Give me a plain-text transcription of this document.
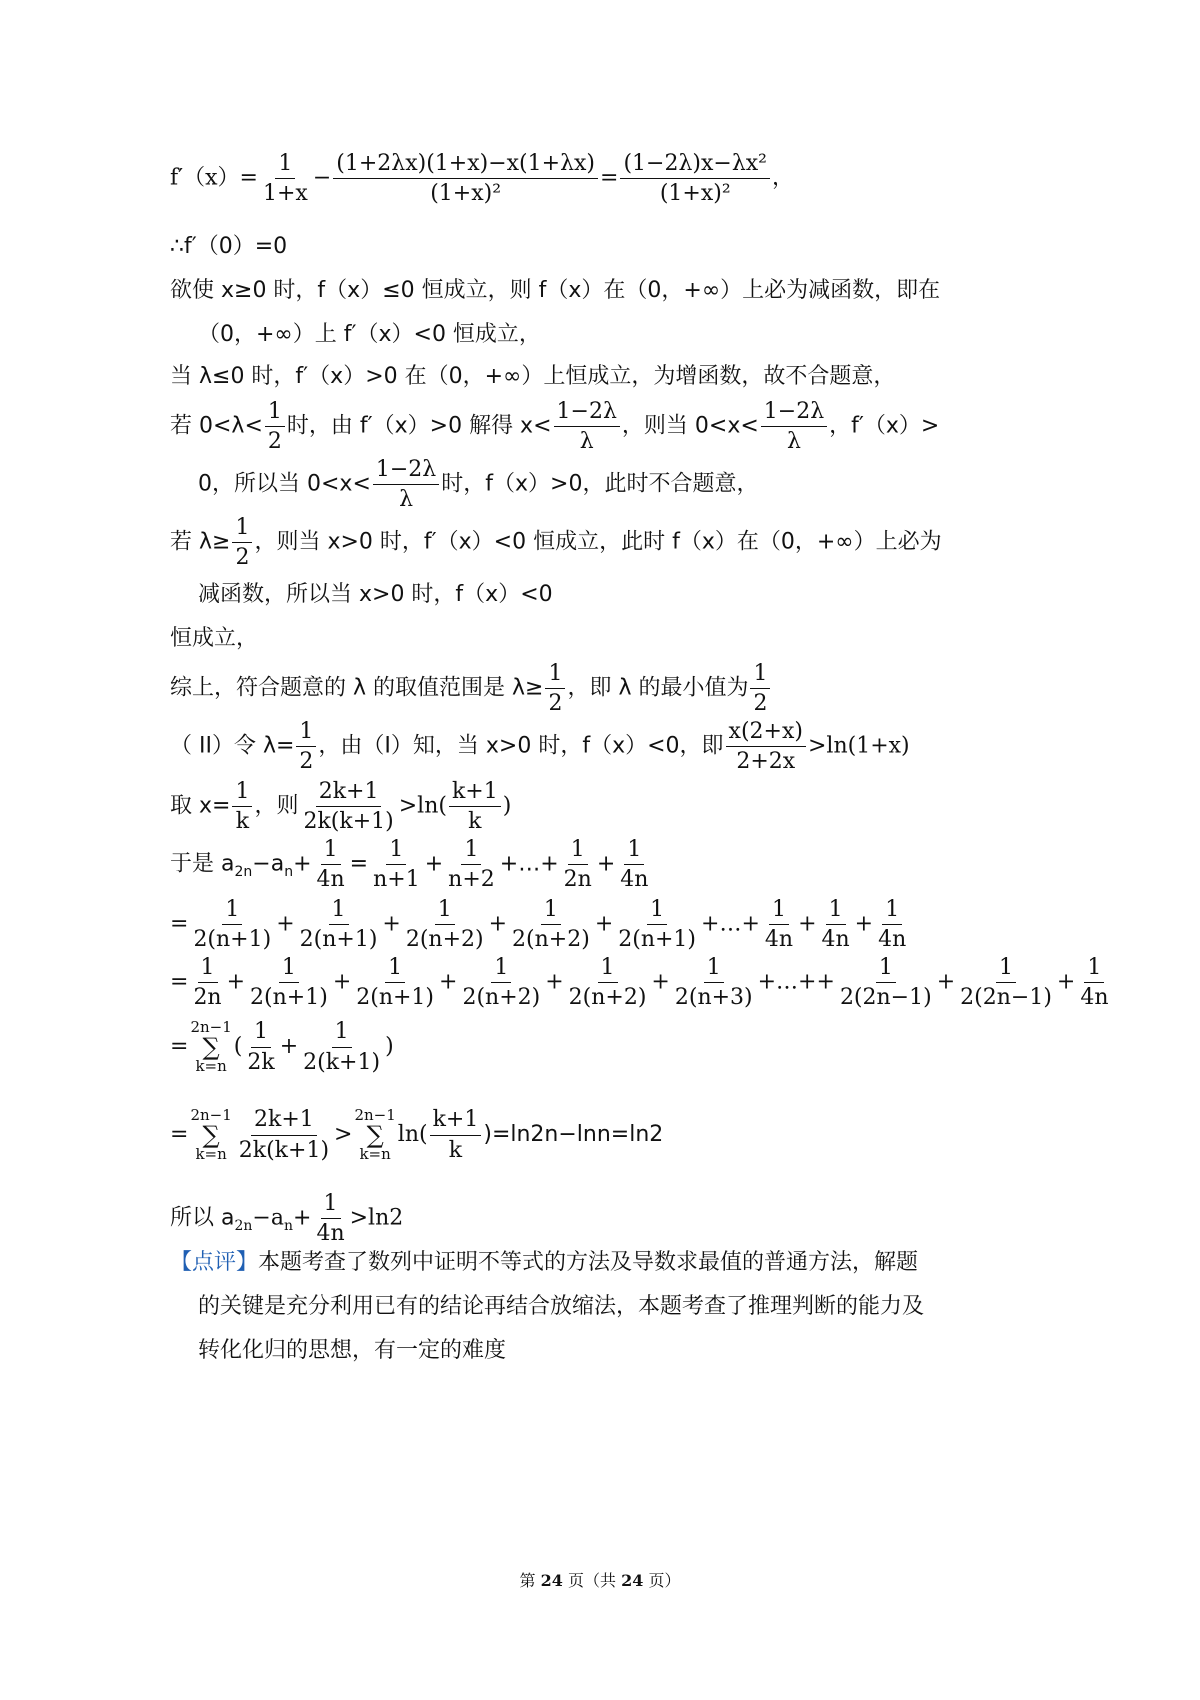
$f'(x)= \frac{1}{1+x} - \frac{(1+2\lambda x)(1+x)-x(1+\lambda x)}{\text{(1+x)²}} = \frac{\text{(1−2λ)x−λx²}}{\text{(1+x)²}}$ ，
∴f′（0）=0
欲使 x≥0 时，f（x）≤0 恒成立，则 f（x）在（0，+∞）上必为减函数，即在
（0，+∞）上 f′（x）<0 恒成立，
当 λ≤0 时，f′（x）>0 在（0，+∞）上恒成立，为增函数，故不合题意，
若 $0<\lambda< \frac{1}{2}$ 时，由 f′（x）>0 解得 $x< \frac{1-2\lambda}{\lambda}$ ，则当 $0<x< \frac{1-2\lambda}{\lambda}$ ，f′（x）>
0，所以当 $0<x< \frac{1-2\lambda}{\lambda}$ 时，f（x）>0，此时不合题意，
若 $\lambda\ge \frac{1}{2}$ ，则当 x>0 时，f′（x）<0 恒成立，此时 f（x）在（0，+∞）上必为
减函数，所以当 x>0 时，f（x）<0
恒成立，
综上，符合题意的 λ 的取值范围是 $\lambda\ge \frac{1}{2}$ ，即 λ 的最小值为 $\frac{1}{2}$
（ II）令 $\lambda= \frac{1}{2}$ ，由（I）知，当 x>0 时，f（x）<0，即 $\frac{x(2+x)}{2+2x} >\ln(1+x)$
取 $x= \frac{1}{k}$ ，则 $\frac{2k+1}{2k(k+1)} >\ln( \frac{k+1}{k}$ )
于是 $a_{2n}-a_n+ \frac{1}{4n} = \frac{1}{n+1} + \frac{1}{n+2}$ +…+ $\frac{1}{2n} + \frac{1}{4n}$
= $\frac{1}{2(n+1)} + \frac{1}{2(n+1)} + \frac{1}{2(n+2)} + \frac{1}{2(n+2)} + \frac{1}{2(n+1)}$ +…+ $\frac{1}{4n} + \frac{1}{4n} + \frac{1}{4n}$
= $\frac{1}{2n} + \frac{1}{2(n+1)} + \frac{1}{2(n+1)} + \frac{1}{2(n+2)} + \frac{1}{2(n+2)} + \frac{1}{2(n+3)}$ +…++ $\frac{1}{2(2n-1)} + \frac{1}{2(2n-1)} + \frac{1}{4n}$
=
2n−1
∑
k=n
( $\frac{1}{2k} + \frac{1}{2(k+1)}$ )
=
2n−1
∑
$k=n \frac{2k+1}{2k(k+1)}$ >
2n−1
∑
k=n
$\ln( \frac{k+1}{k} )=\ln 2n-\ln n=\ln 2$
所以 $a_{2n}-a_n+ \frac{1}{4n} >\ln 2$
【点评】本题考查了数列中证明不等式的方法及导数求最值的普通方法，解题
的关键是充分利用已有的结论再结合放缩法，本题考查了推理判断的能力及
转化化归的思想，有一定的难度
第 24 页（共 24 页）
